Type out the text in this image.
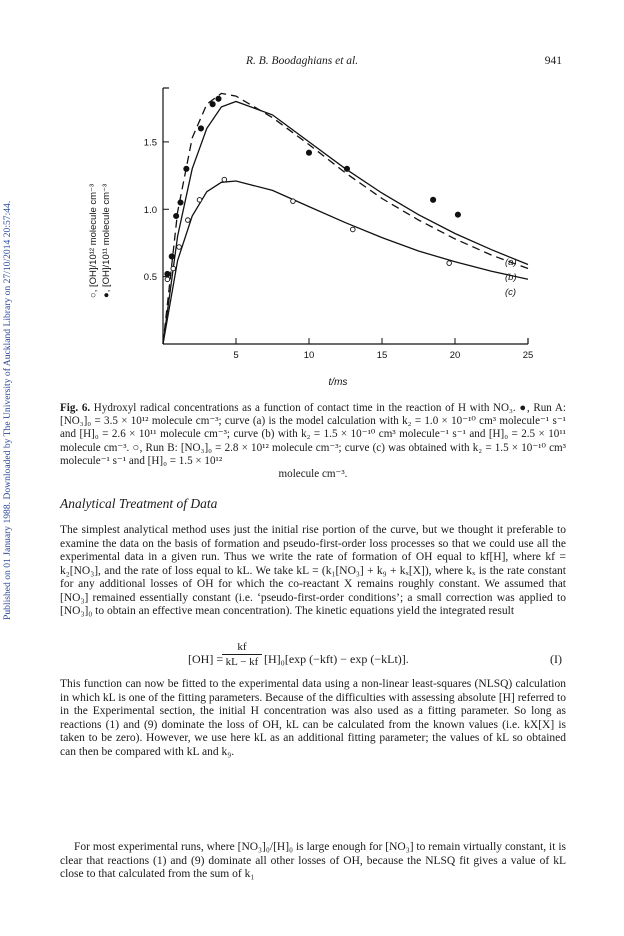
Published on 01 January 1988. Downloaded by The University of Auckland Library on 27/10/2014 20:57:44.
R. B. Boodaghians et al.	941
5	10	15	20	25
0.5
1.0
1.5
○, [OH]/10¹² molecule cm⁻³ ●, [OH]/10¹¹ molecule cm⁻³
t/ms
(a)
(b)
(c)
Fig. 6. Hydroxyl radical concentrations as a function of contact time in the reaction of H with NO₃. ●, Run A: [NO₃]₀ = 3.5 × 10¹² molecule cm⁻³; curve (a) is the model calculation with k₂ = 1.0 × 10⁻¹⁰ cm³ molecule⁻¹ s⁻¹ and [H]₀ = 2.6 × 10¹¹ molecule cm⁻³; curve (b) with k₂ = 1.5 × 10⁻¹⁰ cm³ molecule⁻¹ s⁻¹ and [H]₀ = 2.5 × 10¹¹ molecule cm⁻³. ○, Run B: [NO₃]₀ = 2.8 × 10¹² molecule cm⁻³; curve (c) was obtained with k₂ = 1.5 × 10⁻¹⁰ cm³ molecule⁻¹ s⁻¹ and [H]₀ = 1.5 × 10¹²
molecule cm⁻³.
Analytical Treatment of Data
The simplest analytical method uses just the initial rise portion of the curve, but we thought it preferable to examine the data on the basis of formation and pseudo-first-order loss processes so that we could use all the experimental data in a given run. Thus we write the rate of formation of OH equal to kf[H], where kf = k₂[NO₃], and the rate of loss equal to kL. We take kL = (k₁[NO₃] + k₉ + kₓ[X]), where kₓ is the rate constant for any additional losses of OH for which the co-reactant X remains roughly constant. We assumed that [NO₃] remained essentially constant (i.e. ‘pseudo-first-order conditions’; a small correction was applied to [NO₃]₀ to obtain an effective mean concentration). The kinetic equations yield the integrated result
[OH] =
$\frac{kf}{kL - kf} [H]_0[\exp$ (−kft) − exp (−kLt)].	(I)
This function can now be fitted to the experimental data using a non-linear least-squares (NLSQ) calculation in which kL is one of the fitting parameters. Because of the difficulties with assessing absolute [H] referred to in the Experimental section, the initial H concentration was also used as a fitting parameter. So long as reactions (1) and (9) dominate the loss of OH, kL can be calculated from the known values (i.e. kX[X] is taken to be zero). However, we use here kL as an additional fitting parameter; the values of kL so obtained can then be compared with kL and k₉.
For most experimental runs, where [NO₃]₀/[H]₀ is large enough for [NO₃] to remain virtually constant, it is clear that reactions (1) and (9) dominate all other losses of OH, because the NLSQ fit gives a value of kL close to that calculated from the sum of k₁
